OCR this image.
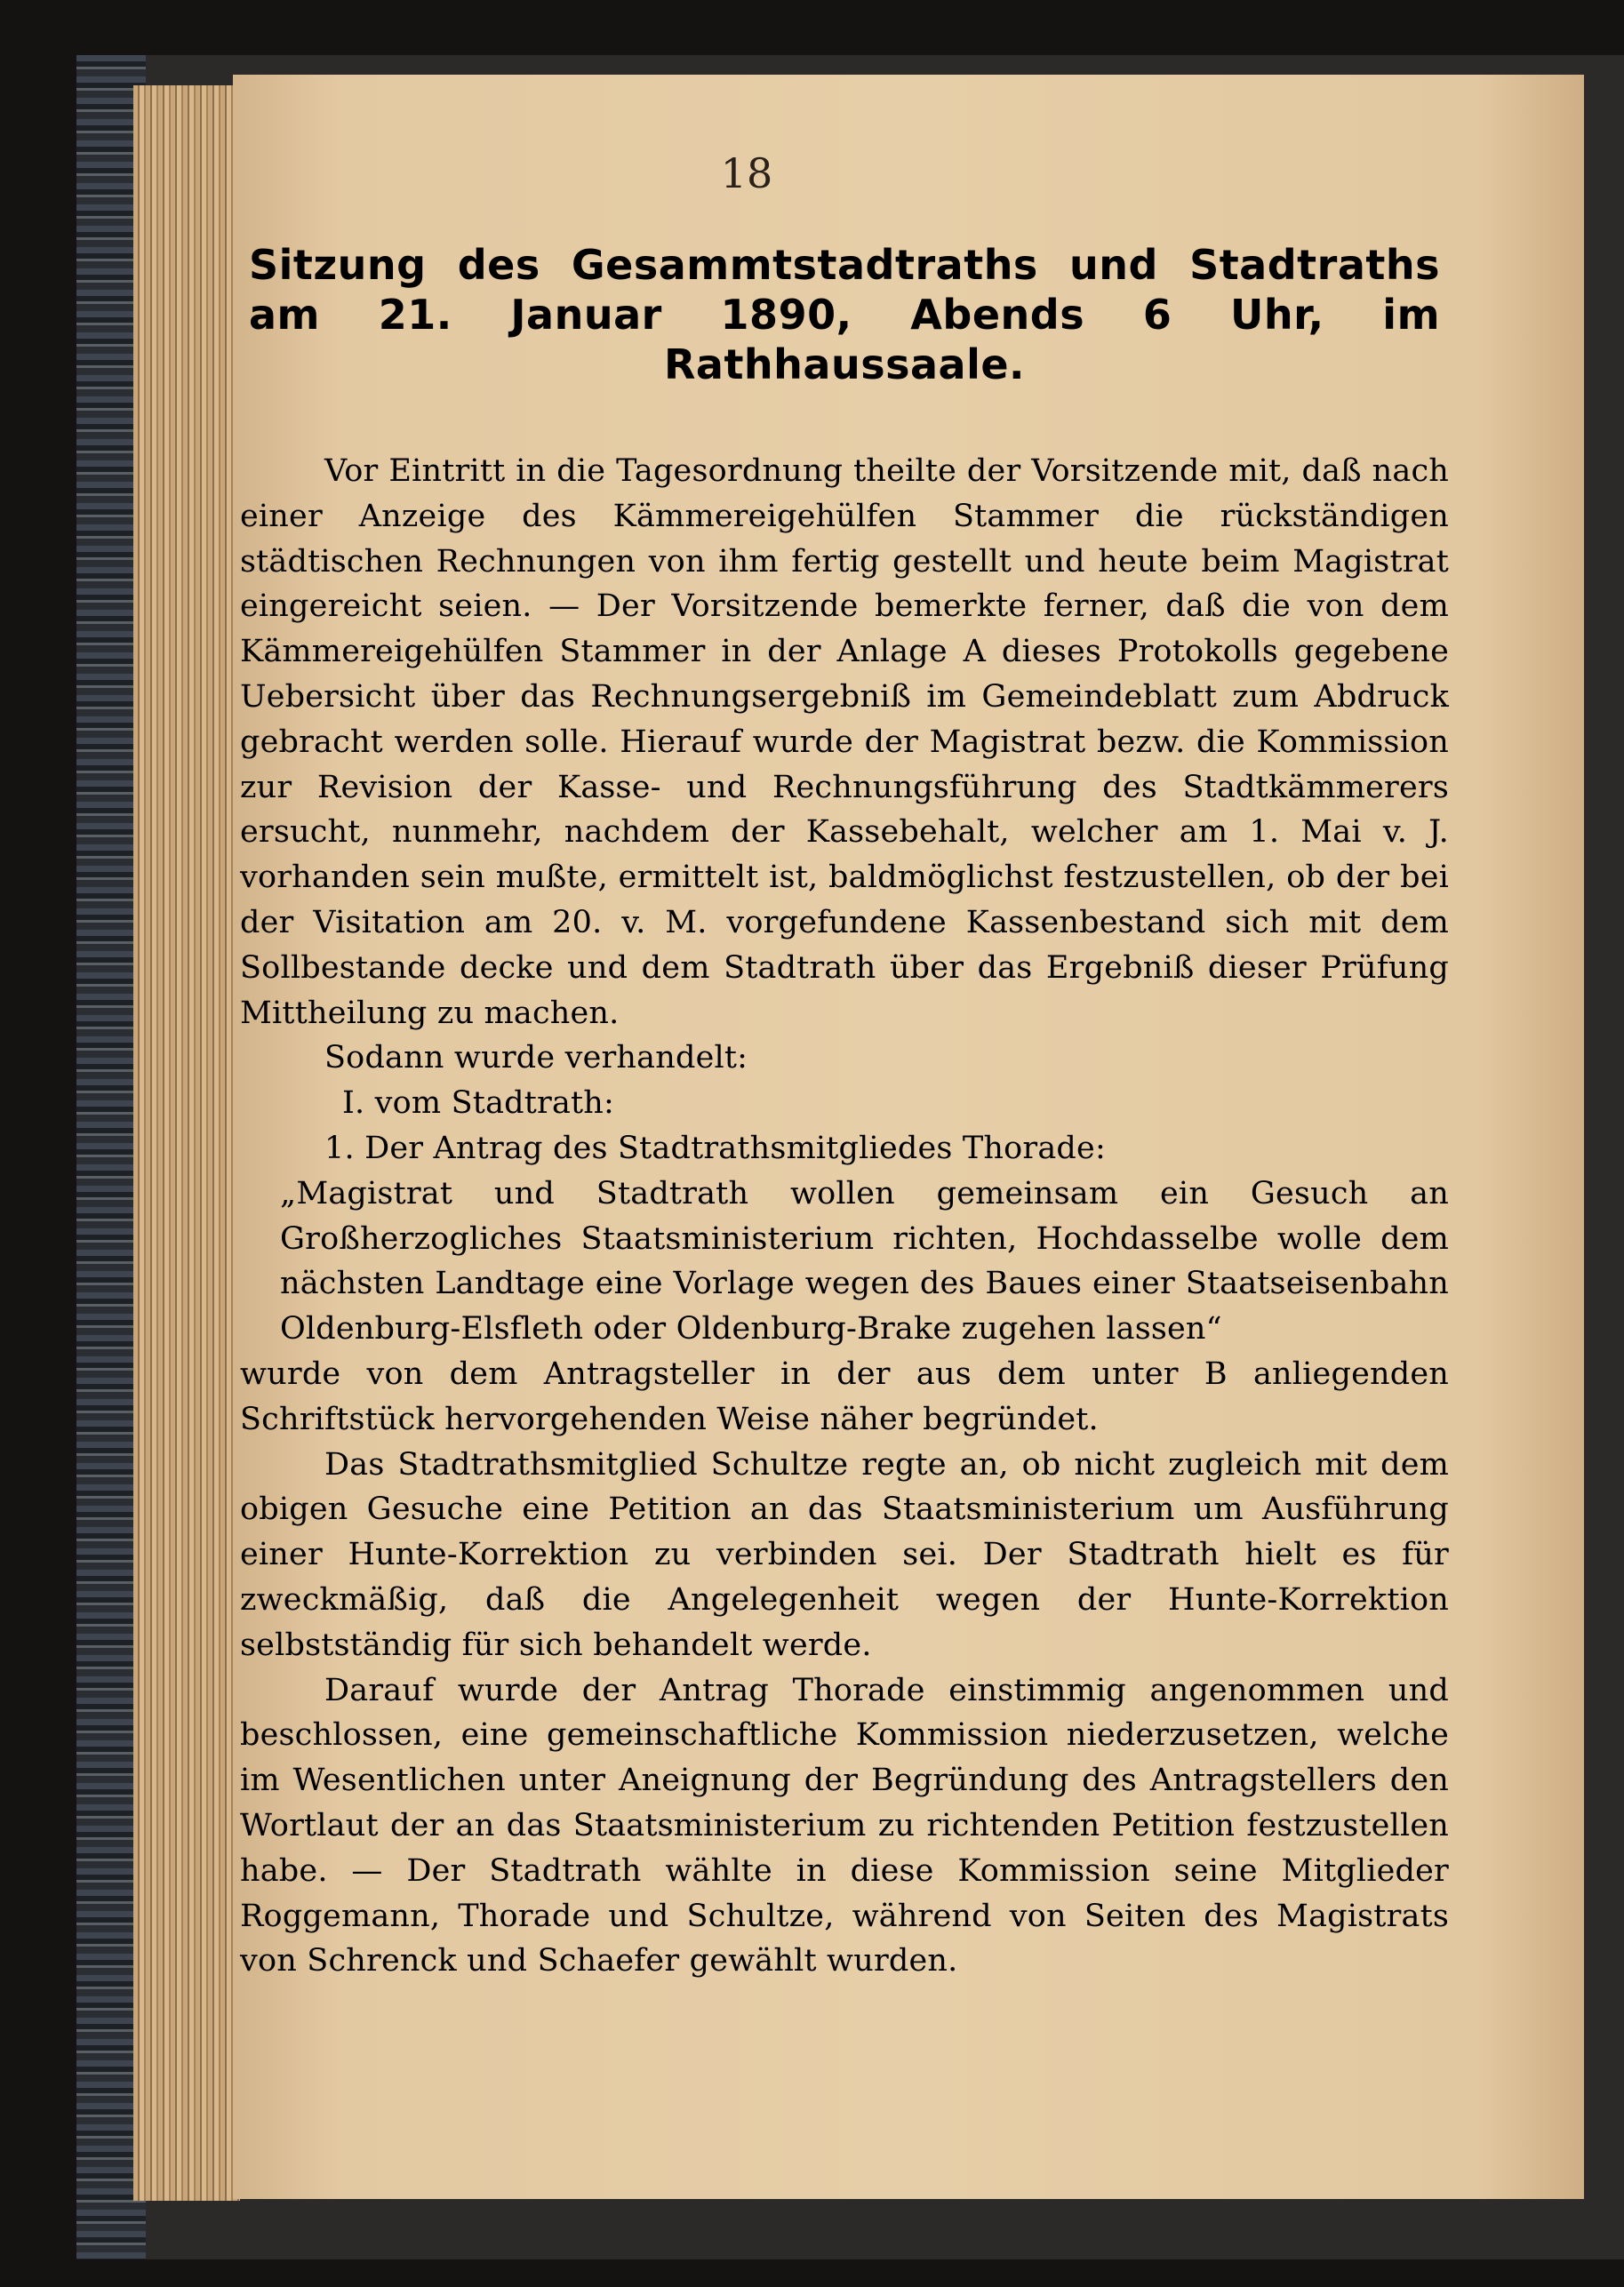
18
Sitzung des Gesammtstadtraths und Stadtraths am 21. Januar 1890, Abends 6 Uhr, im Rathhaussaale.

Vor Eintritt in die Tagesordnung theilte der Vorsitzende mit, daß nach einer Anzeige des Kämmereigehülfen Stammer die rückständigen städtischen Rechnungen von ihm fertig gestellt und heute beim Magistrat eingereicht seien. — Der Vorsitzende bemerkte ferner, daß die von dem Kämmereigehülfen Stammer in der Anlage A dieses Protokolls gegebene Uebersicht über das Rechnungsergebniß im Gemeindeblatt zum Abdruck gebracht werden solle. Hierauf wurde der Magistrat bezw. die Kommission zur Revision der Kasse- und Rechnungsführung des Stadtkämmerers ersucht, nunmehr, nachdem der Kassebehalt, welcher am 1. Mai v. J. vorhanden sein mußte, ermittelt ist, baldmöglichst festzustellen, ob der bei der Visitation am 20. v. M. vorgefundene Kassenbestand sich mit dem Sollbestande decke und dem Stadtrath über das Ergebniß dieser Prüfung Mittheilung zu machen.

Sodann wurde verhandelt:

I. vom Stadtrath:

1. Der Antrag des Stadtrathsmitgliedes Thorade:

„Magistrat und Stadtrath wollen gemeinsam ein Gesuch an Großherzogliches Staatsministerium richten, Hochdasselbe wolle dem nächsten Landtage eine Vorlage wegen des Baues einer Staatseisenbahn Oldenburg-Elsfleth oder Oldenburg-Brake zugehen lassen“

wurde von dem Antragsteller in der aus dem unter B anliegenden Schriftstück hervorgehenden Weise näher begründet.

Das Stadtrathsmitglied Schultze regte an, ob nicht zugleich mit dem obigen Gesuche eine Petition an das Staatsministerium um Ausführung einer Hunte-Korrektion zu verbinden sei. Der Stadtrath hielt es für zweckmäßig, daß die Angelegenheit wegen der Hunte-Korrektion selbstständig für sich behandelt werde.

Darauf wurde der Antrag Thorade einstimmig angenommen und beschlossen, eine gemeinschaftliche Kommission niederzusetzen, welche im Wesentlichen unter Aneignung der Begründung des Antragstellers den Wortlaut der an das Staatsministerium zu richtenden Petition festzustellen habe. — Der Stadtrath wählte in diese Kommission seine Mitglieder Roggemann, Thorade und Schultze, während von Seiten des Magistrats von Schrenck und Schaefer gewählt wurden.
